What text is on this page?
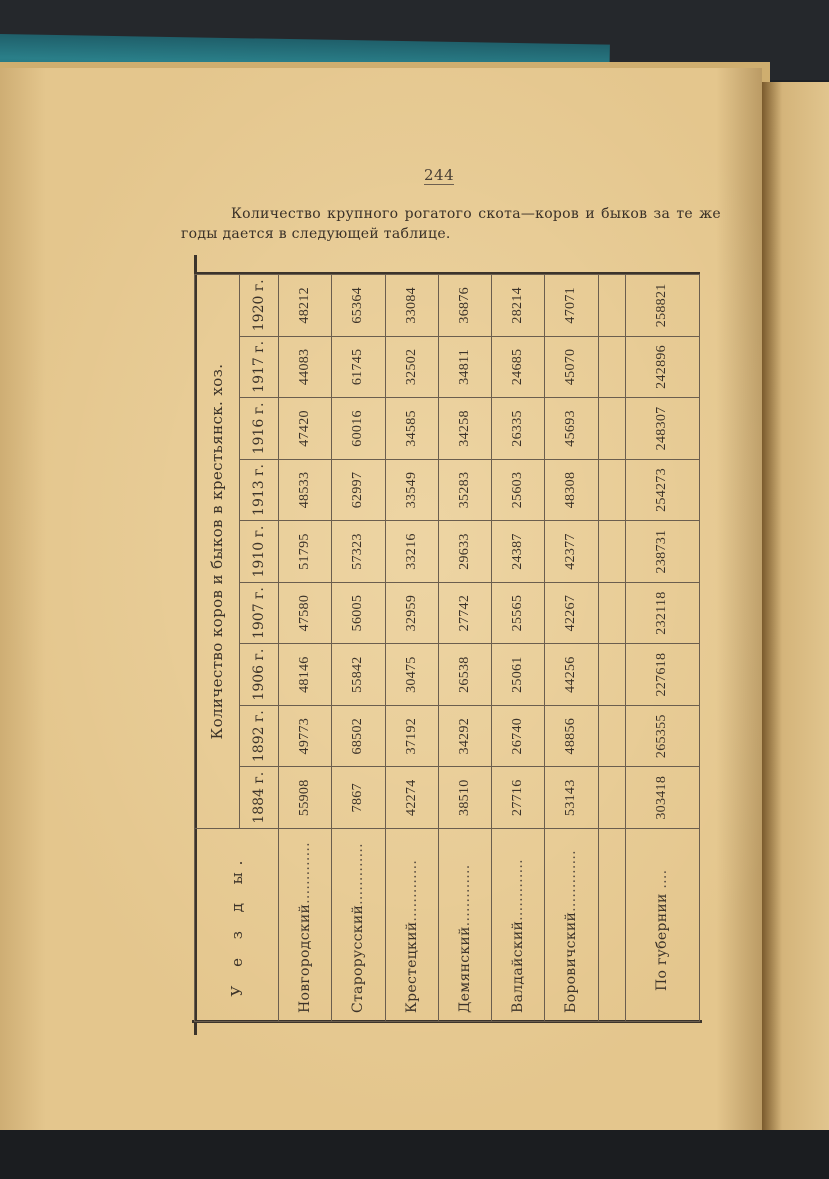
244
Количество крупного рогатого скота—коров и быков за те же годы дается в следующей таблице.
У е з д ы.	Количество коров и быков в крестьянск. хоз.								
	1884 г.	1892 г.	1906 г.	1907 г.	1910 г.	1913 г.	1916 г.	1917 г.	1920 г.
Новгородский.............	55908	49773	48146	47580	51795	48533	47420	44083	48212
Старорусский.............	7867	68502	55842	56005	57323	62997	60016	61745	65364
Крестецкий.............	42274	37192	30475	32959	33216	33549	34585	32502	33084
Демянский.............	38510	34292	26538	27742	29633	35283	34258	34811	36876
Валдайский.............	27716	26740	25061	25565	24387	25603	26335	24685	28214
Боровичский.............	53143	48856	44256	42267	42377	48308	45693	45070	47071

По губернии ....	303418	265355	227618	232118	238731	254273	248307	242896	258821
